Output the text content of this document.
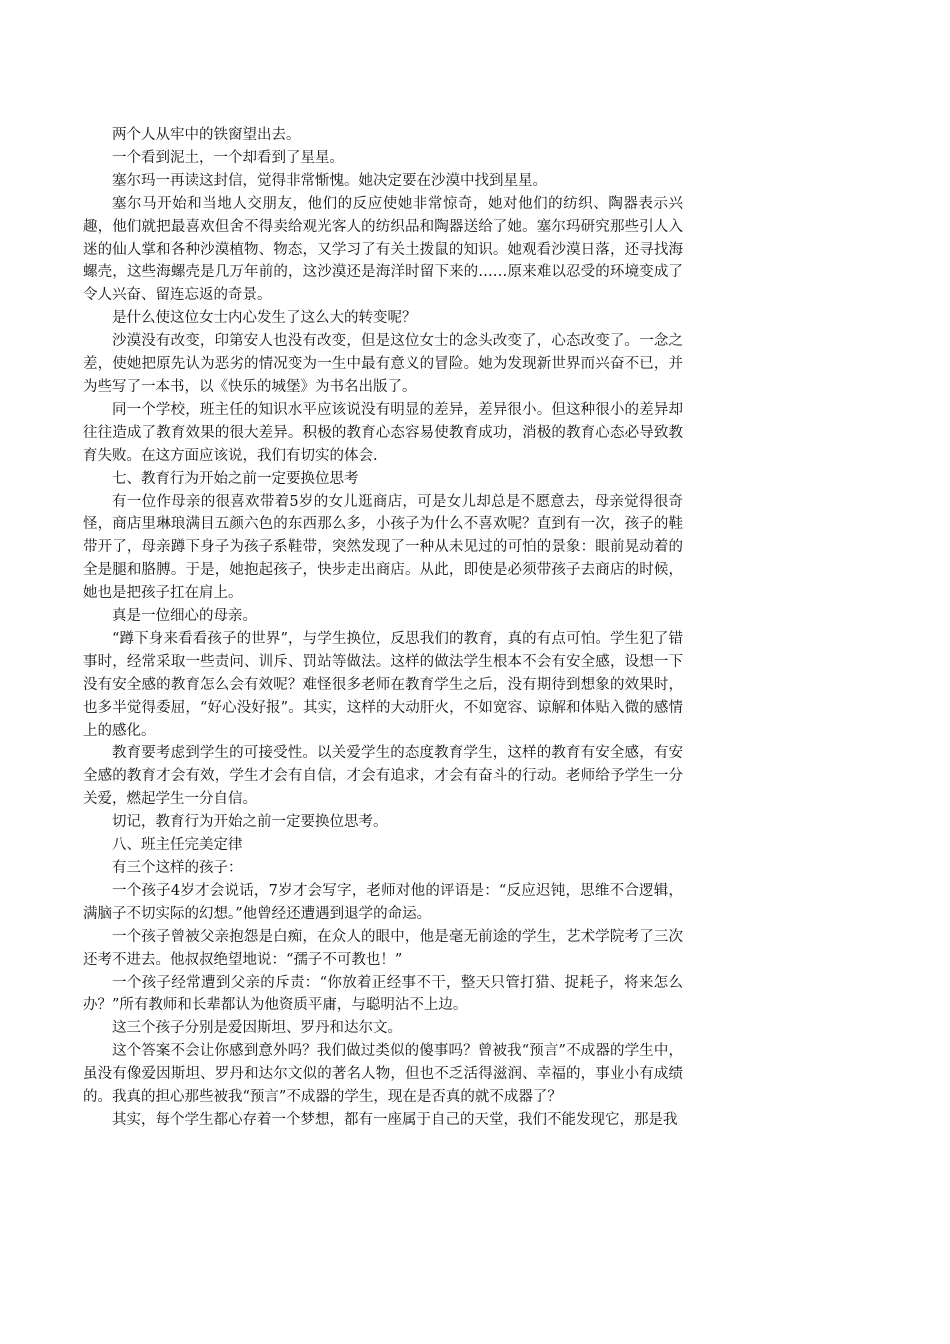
两个人从牢中的铁窗望出去。

一个看到泥土，一个却看到了星星。

塞尔玛一再读这封信，觉得非常惭愧。她决定要在沙漠中找到星星。

塞尔马开始和当地人交朋友，他们的反应使她非常惊奇，她对他们的纺织、陶器表示兴趣，他们就把最喜欢但舍不得卖给观光客人的纺织品和陶器送给了她。塞尔玛研究那些引人入迷的仙人掌和各种沙漠植物、物态，又学习了有关土拨鼠的知识。她观看沙漠日落，还寻找海螺壳，这些海螺壳是几万年前的，这沙漠还是海洋时留下来的……原来难以忍受的环境变成了令人兴奋、留连忘返的奇景。

是什么使这位女士内心发生了这么大的转变呢？

沙漠没有改变，印第安人也没有改变，但是这位女士的念头改变了，心态改变了。一念之差，使她把原先认为恶劣的情况变为一生中最有意义的冒险。她为发现新世界而兴奋不已，并为些写了一本书，以《快乐的城堡》为书名出版了。

同一个学校，班主任的知识水平应该说没有明显的差异，差异很小。但这种很小的差异却往往造成了教育效果的很大差异。积极的教育心态容易使教育成功，消极的教育心态必导致教育失败。在这方面应该说，我们有切实的体会.

七、教育行为开始之前一定要换位思考

有一位作母亲的很喜欢带着5岁的女儿逛商店，可是女儿却总是不愿意去，母亲觉得很奇怪，商店里琳琅满目五颜六色的东西那么多，小孩子为什么不喜欢呢？直到有一次，孩子的鞋带开了，母亲蹲下身子为孩子系鞋带，突然发现了一种从未见过的可怕的景象：眼前晃动着的全是腿和胳膊。于是，她抱起孩子，快步走出商店。从此，即使是必须带孩子去商店的时候，她也是把孩子扛在肩上。

真是一位细心的母亲。

“蹲下身来看看孩子的世界”，与学生换位，反思我们的教育，真的有点可怕。学生犯了错事时，经常采取一些责问、训斥、罚站等做法。这样的做法学生根本不会有安全感，设想一下没有安全感的教育怎么会有效呢？难怪很多老师在教育学生之后，没有期待到想象的效果时，也多半觉得委屈，“好心没好报”。其实，这样的大动肝火，不如宽容、谅解和体贴入微的感情上的感化。

教育要考虑到学生的可接受性。以关爱学生的态度教育学生，这样的教育有安全感，有安全感的教育才会有效，学生才会有自信，才会有追求，才会有奋斗的行动。老师给予学生一分关爱，燃起学生一分自信。

切记，教育行为开始之前一定要换位思考。

八、班主任完美定律

有三个这样的孩子：

一个孩子4岁才会说话，7岁才会写字，老师对他的评语是：“反应迟钝，思维不合逻辑，满脑子不切实际的幻想。”他曾经还遭遇到退学的命运。

一个孩子曾被父亲抱怨是白痴，在众人的眼中，他是毫无前途的学生，艺术学院考了三次还考不进去。他叔叔绝望地说：“孺子不可教也！”

一个孩子经常遭到父亲的斥责：“你放着正经事不干，整天只管打猎、捉耗子，将来怎么办？”所有教师和长辈都认为他资质平庸，与聪明沾不上边。

这三个孩子分别是爱因斯坦、罗丹和达尔文。

这个答案不会让你感到意外吗？我们做过类似的傻事吗？曾被我“预言”不成器的学生中，虽没有像爱因斯坦、罗丹和达尔文似的著名人物，但也不乏活得滋润、幸福的，事业小有成绩的。我真的担心那些被我“预言”不成器的学生，现在是否真的就不成器了？

其实，每个学生都心存着一个梦想，都有一座属于自己的天堂，我们不能发现它，那是我
